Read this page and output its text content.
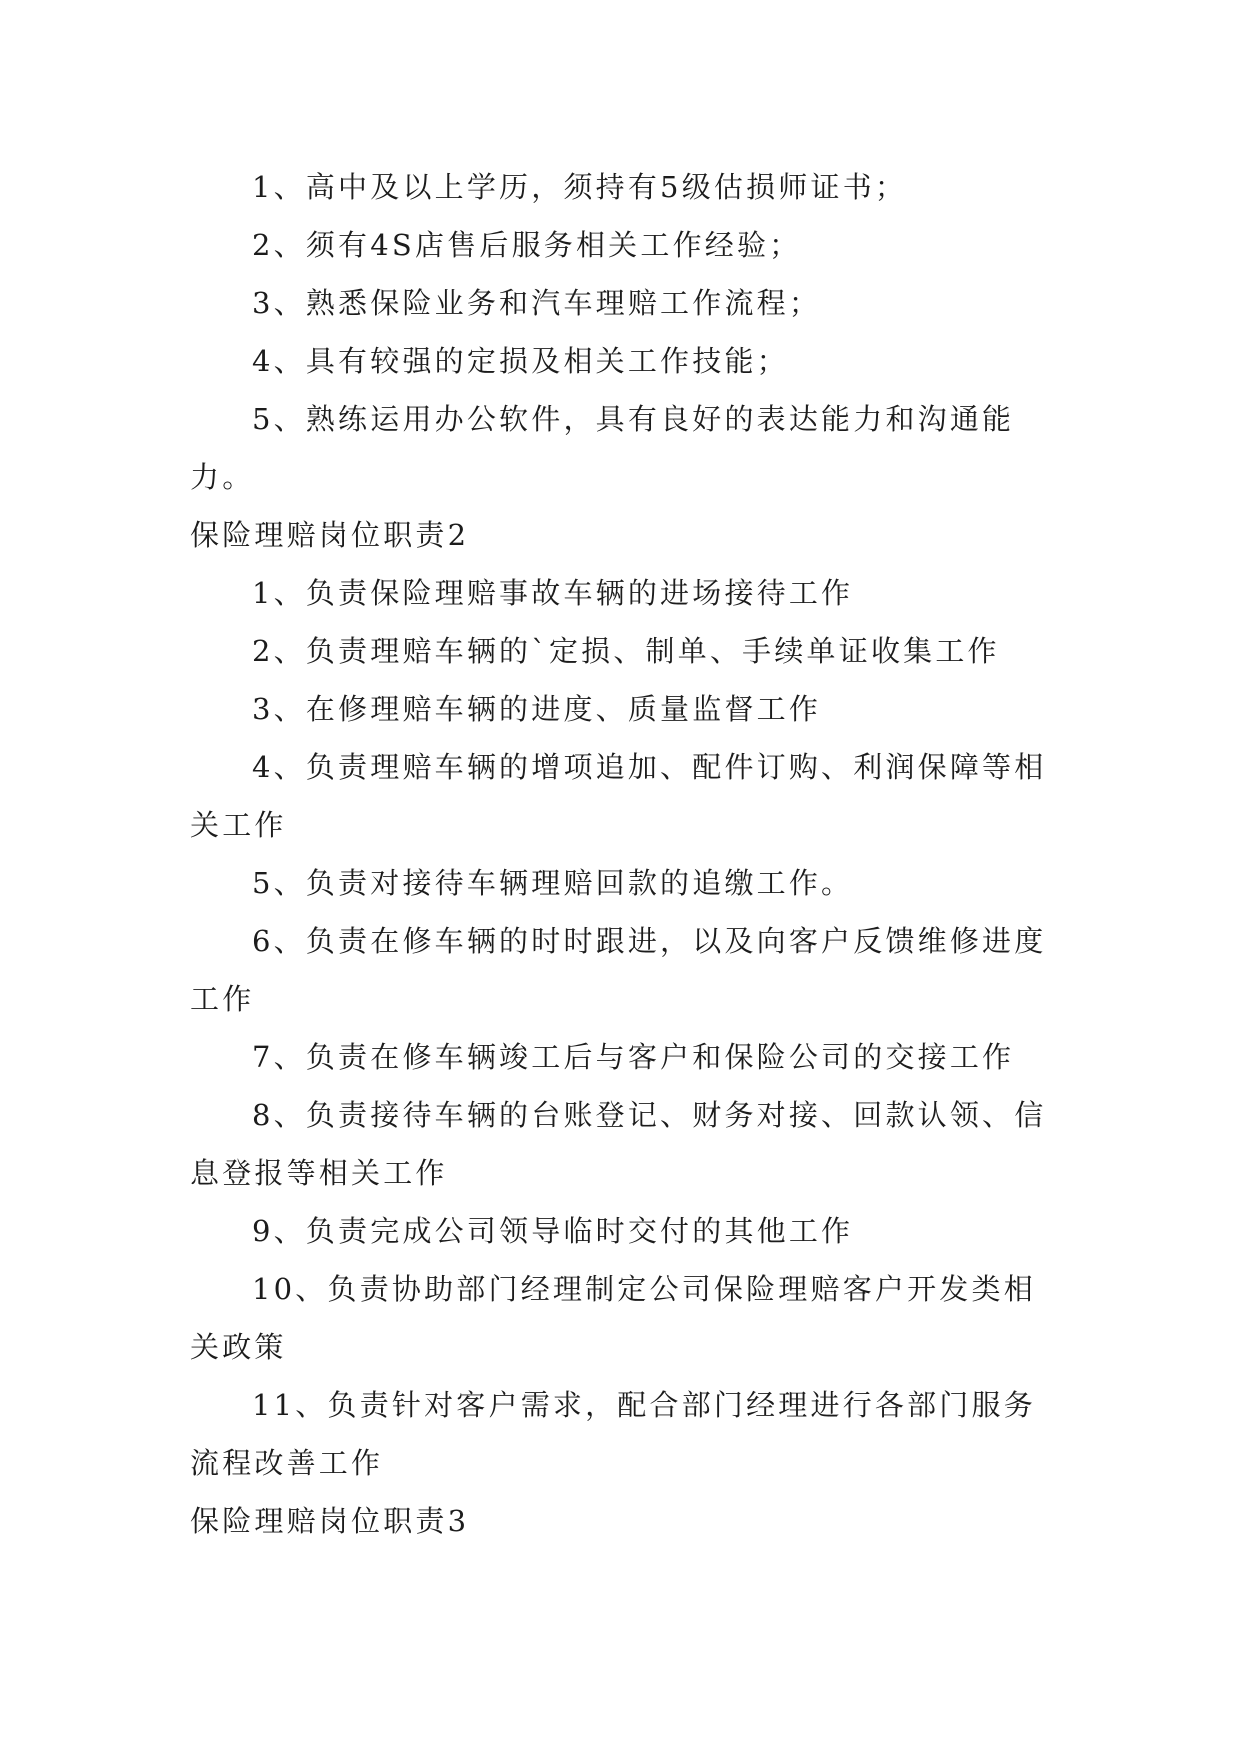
1、高中及以上学历，须持有5级估损师证书；

2、须有4S店售后服务相关工作经验；

3、熟悉保险业务和汽车理赔工作流程；

4、具有较强的定损及相关工作技能；

5、熟练运用办公软件，具有良好的表达能力和沟通能力。

保险理赔岗位职责2

1、负责保险理赔事故车辆的进场接待工作

2、负责理赔车辆的`定损、制单、手续单证收集工作

3、在修理赔车辆的进度、质量监督工作

4、负责理赔车辆的增项追加、配件订购、利润保障等相关工作

5、负责对接待车辆理赔回款的追缴工作。

6、负责在修车辆的时时跟进，以及向客户反馈维修进度工作

7、负责在修车辆竣工后与客户和保险公司的交接工作

8、负责接待车辆的台账登记、财务对接、回款认领、信息登报等相关工作

9、负责完成公司领导临时交付的其他工作

10、负责协助部门经理制定公司保险理赔客户开发类相关政策

11、负责针对客户需求，配合部门经理进行各部门服务流程改善工作

保险理赔岗位职责3
